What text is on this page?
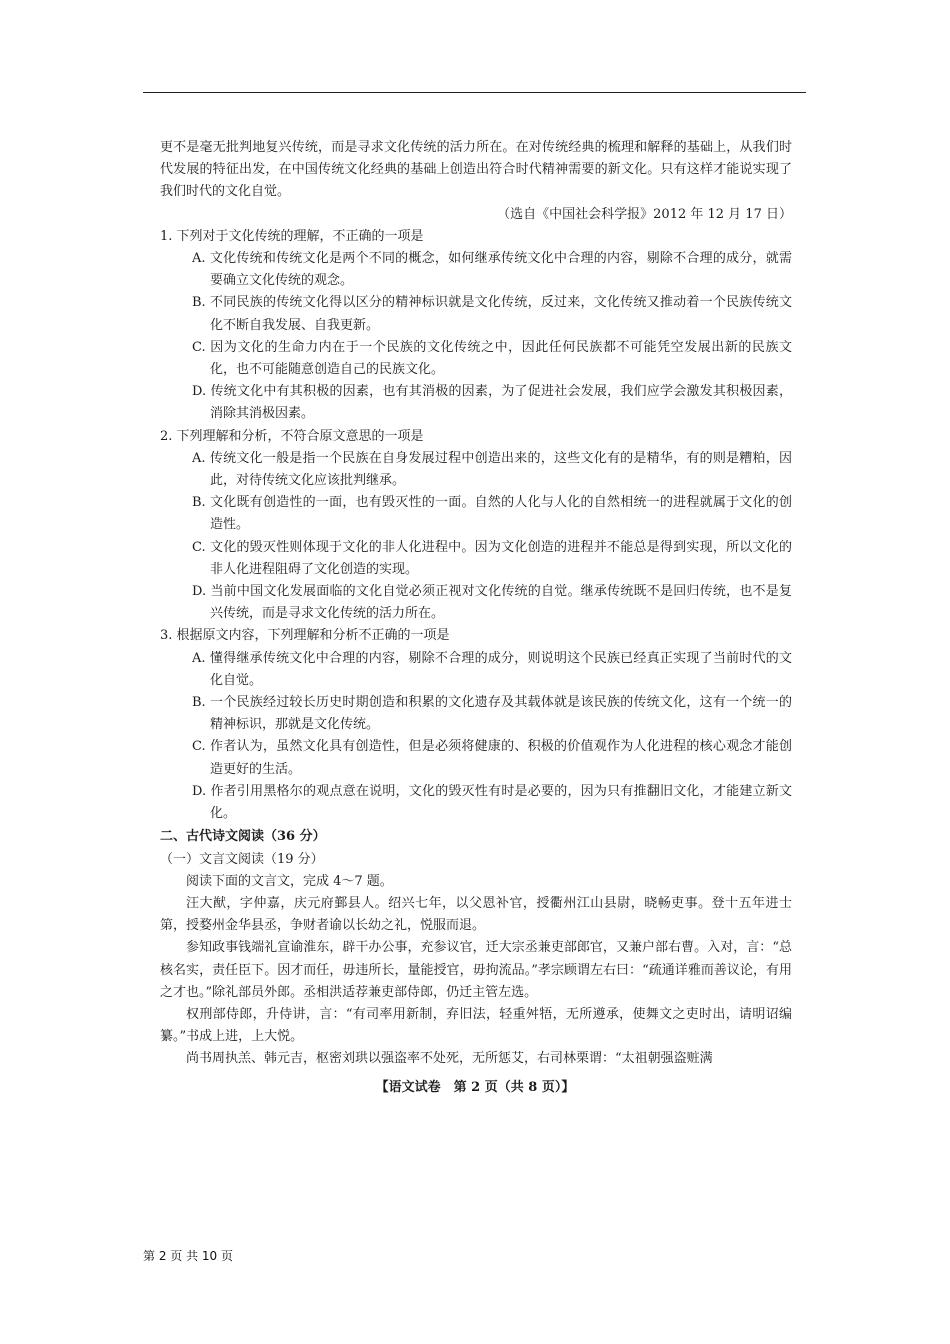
更不是毫无批判地复兴传统，而是寻求文化传统的活力所在。在对传统经典的梳理和解释的基础上，从我们时代发展的特征出发，在中国传统文化经典的基础上创造出符合时代精神需要的新文化。只有这样才能说实现了我们时代的文化自觉。

（选自《中国社会科学报》2012 年 12 月 17 日）

1. 下列对于文化传统的理解，不正确的一项是

A. 文化传统和传统文化是两个不同的概念，如何继承传统文化中合理的内容，剔除不合理的成分，就需要确立文化传统的观念。

B. 不同民族的传统文化得以区分的精神标识就是文化传统，反过来，文化传统又推动着一个民族传统文化不断自我发展、自我更新。

C. 因为文化的生命力内在于一个民族的文化传统之中，因此任何民族都不可能凭空发展出新的民族文化，也不可能随意创造自己的民族文化。

D. 传统文化中有其积极的因素，也有其消极的因素，为了促进社会发展，我们应学会激发其积极因素，消除其消极因素。

2. 下列理解和分析，不符合原文意思的一项是

A. 传统文化一般是指一个民族在自身发展过程中创造出来的，这些文化有的是精华，有的则是糟粕，因此，对待传统文化应该批判继承。

B. 文化既有创造性的一面，也有毁灭性的一面。自然的人化与人化的自然相统一的进程就属于文化的创造性。

C. 文化的毁灭性则体现于文化的非人化进程中。因为文化创造的进程并不能总是得到实现，所以文化的非人化进程阻碍了文化创造的实现。

D. 当前中国文化发展面临的文化自觉必须正视对文化传统的自觉。继承传统既不是回归传统，也不是复兴传统，而是寻求文化传统的活力所在。

3. 根据原文内容，下列理解和分析不正确的一项是

A. 懂得继承传统文化中合理的内容，剔除不合理的成分，则说明这个民族已经真正实现了当前时代的文化自觉。

B. 一个民族经过较长历史时期创造和积累的文化遗存及其载体就是该民族的传统文化，这有一个统一的精神标识，那就是文化传统。

C. 作者认为，虽然文化具有创造性，但是必须将健康的、积极的价值观作为人化进程的核心观念才能创造更好的生活。

D. 作者引用黑格尔的观点意在说明，文化的毁灭性有时是必要的，因为只有推翻旧文化，才能建立新文化。

二、古代诗文阅读（36 分）

（一）文言文阅读（19 分）

阅读下面的文言文，完成 4～7 题。

汪大猷，字仲嘉，庆元府鄞县人。绍兴七年，以父恩补官，授衢州江山县尉，晓畅吏事。登十五年进士第，授婺州金华县丞，争财者谕以长幼之礼，悦服而退。

参知政事钱端礼宣谕淮东，辟干办公事，充参议官，迁大宗丞兼吏部郎官，又兼户部右曹。入对，言：“总核名实，责任臣下。因才而任，毋违所长，量能授官，毋拘流品。”孝宗顾谓左右曰：“疏通详雅而善议论，有用之才也。”除礼部员外郎。丞相洪适荐兼吏部侍郎，仍迁主管左选。

权刑部侍郎，升侍讲，言：“有司率用新制，弃旧法，轻重舛牾，无所遵承，使舞文之吏时出，请明诏编纂。”书成上进，上大悦。

尚书周执羔、韩元吉，枢密刘珙以强盗率不处死，无所惩艾，右司林栗谓：“太祖朝强盗赃满

【语文试卷　第 2 页（共 8 页）】
第 2 页 共 10 页
